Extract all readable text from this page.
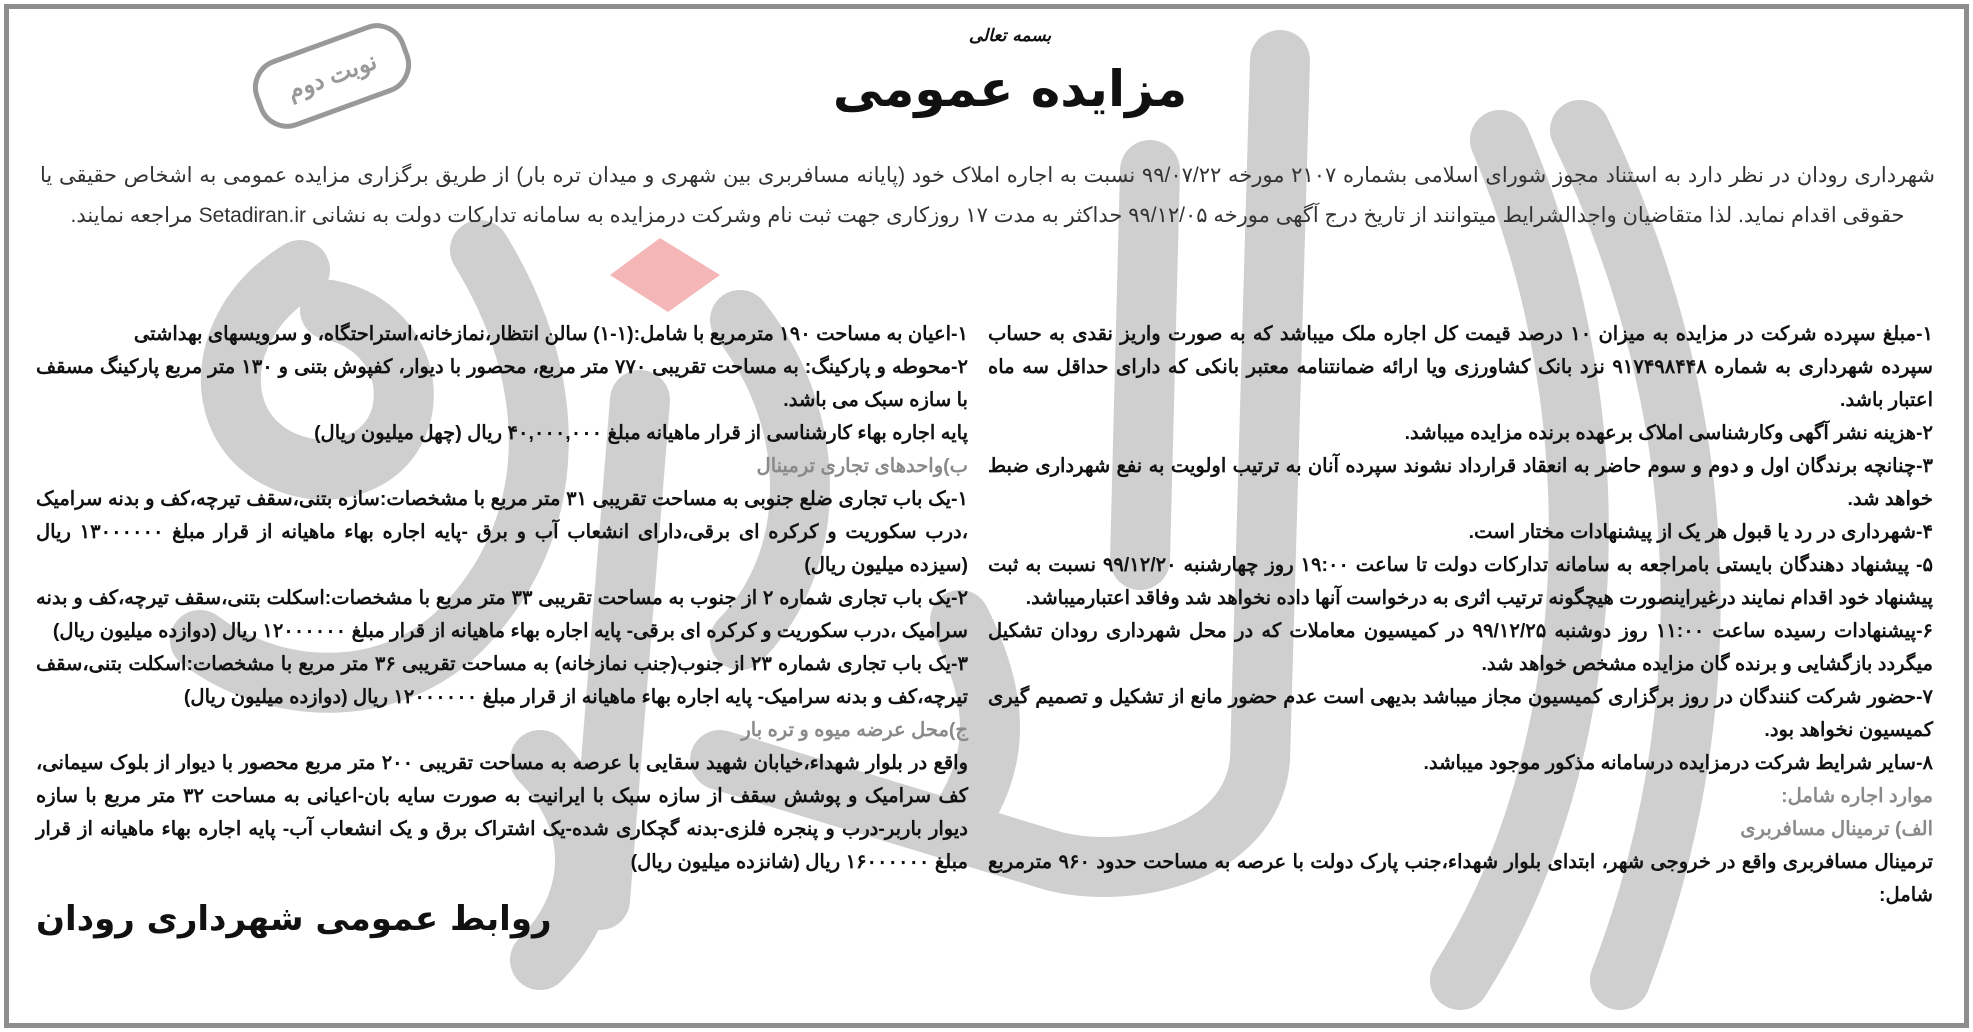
بسمه تعالی
مزایده عمومی
نوبت دوم
شهرداری رودان در نظر دارد به استناد مجوز شورای اسلامی بشماره ۲۱۰۷ مورخه ۹۹/۰۷/۲۲ نسبت به اجاره املاک خود (پایانه مسافربری بین شهری و میدان تره بار) از طریق برگزاری مزایده عمومی به اشخاص حقیقی یا حقوقی اقدام نماید. لذا متقاضیان واجدالشرایط میتوانند از تاریخ درج آگهی مورخه ۹۹/۱۲/۰۵ حداکثر به مدت ۱۷ روزکاری جهت ثبت نام وشرکت درمزایده به سامانه تدارکات دولت به نشانی Setadiran.ir مراجعه نمایند.

۱-مبلغ سپرده شرکت در مزایده به میزان ۱۰ درصد قیمت کل اجاره ملک میباشد که به صورت واریز نقدی به حساب سپرده شهرداری به شماره ۹۱۷۴۹۸۴۴۸ نزد بانک کشاورزی ویا ارائه ضمانتنامه معتبر بانکی که دارای حداقل سه ماه اعتبار باشد.

۲-هزینه نشر آگهی وکارشناسی املاک برعهده برنده مزایده میباشد.

۳-چنانچه برندگان اول و دوم و سوم حاضر به انعقاد قرارداد نشوند سپرده آنان به ترتیب اولویت به نفع شهرداری ضبط خواهد شد.

۴-شهرداری در رد یا قبول هر یک از پیشنهادات مختار است.

۵- پیشنهاد دهندگان بایستی بامراجعه به سامانه تدارکات دولت تا ساعت ۱۹:۰۰ روز چهارشنبه ۹۹/۱۲/۲۰ نسبت به ثبت پیشنهاد خود اقدام نمایند درغیراینصورت هیچگونه ترتیب اثری به درخواست آنها داده نخواهد شد وفاقد اعتبارمیباشد.

۶-پیشنهادات رسیده ساعت ۱۱:۰۰ روز دوشنبه ۹۹/۱۲/۲۵ در کمیسیون معاملات که در محل شهرداری رودان تشکیل میگردد بازگشایی و برنده گان مزایده مشخص خواهد شد.

۷-حضور شرکت کنندگان در روز برگزاری کمیسیون مجاز میباشد بدیهی است عدم حضور مانع از تشکیل و تصمیم گیری کمیسیون نخواهد بود.

۸-سایر شرایط شرکت درمزایده درسامانه مذکور موجود میباشد.

موارد اجاره شامل:

الف) ترمینال مسافربری

ترمینال مسافربری واقع در خروجی شهر، ابتدای بلوار شهداء،جنب پارک دولت با عرصه به مساحت حدود ۹۶۰ مترمربع شامل:

۱-اعیان به مساحت ۱۹۰ مترمربع با شامل:(۱-۱) سالن انتظار،نمازخانه،استراحتگاه، و سرویسهای بهداشتی

۲-محوطه و پارکینگ: به مساحت تقریبی ۷۷۰ متر مربع، محصور با دیوار، کفپوش بتنی و ۱۳۰ متر مربع پارکینگ مسقف با سازه سبک می باشد.

پایه اجاره بهاء کارشناسی از قرار ماهیانه مبلغ ۴۰,۰۰۰,۰۰۰ ریال (چهل میلیون ریال)

ب)واحدهای تجاری ترمینال

۱-یک باب تجاری ضلع جنوبی به مساحت تقریبی ۳۱ متر مربع با مشخصات:سازه بتنی،سقف تیرچه،کف و بدنه سرامیک ،درب سکوریت و کرکره ای برقی،دارای انشعاب آب و برق -پایه اجاره بهاء ماهیانه از قرار مبلغ ۱۳۰۰۰۰۰۰ ریال (سیزده میلیون ریال)

۲-یک باب تجاری شماره ۲ از جنوب به مساحت تقریبی ۳۳ متر مربع با مشخصات:اسکلت بتنی،سقف تیرچه،کف و بدنه سرامیک ،درب سکوریت و کرکره ای برقی- پایه اجاره بهاء ماهیانه از قرار مبلغ ۱۲۰۰۰۰۰۰ ریال (دوازده میلیون ریال)

۳-یک باب تجاری شماره ۲۳ از جنوب(جنب نمازخانه) به مساحت تقریبی ۳۶ متر مربع با مشخصات:اسکلت بتنی،سقف تیرچه،کف و بدنه سرامیک- پایه اجاره بهاء ماهیانه از قرار مبلغ ۱۲۰۰۰۰۰۰ ریال (دوازده میلیون ریال)

ج)محل عرضه میوه و تره بار

واقع در بلوار شهداء،خیابان شهید سقایی با عرصه به مساحت تقریبی ۲۰۰ متر مربع محصور با دیوار از بلوک سیمانی، کف سرامیک و پوشش سقف از سازه سبک با ایرانیت به صورت سایه بان-اعیانی به مساحت ۳۲ متر مربع با سازه دیوار باربر-درب و پنجره فلزی-بدنه گچکاری شده-یک اشتراک برق و یک انشعاب آب- پایه اجاره بهاء ماهیانه از قرار مبلغ ۱۶۰۰۰۰۰۰ ریال (شانزده میلیون ریال)

روابط عمومی شهرداری رودان
